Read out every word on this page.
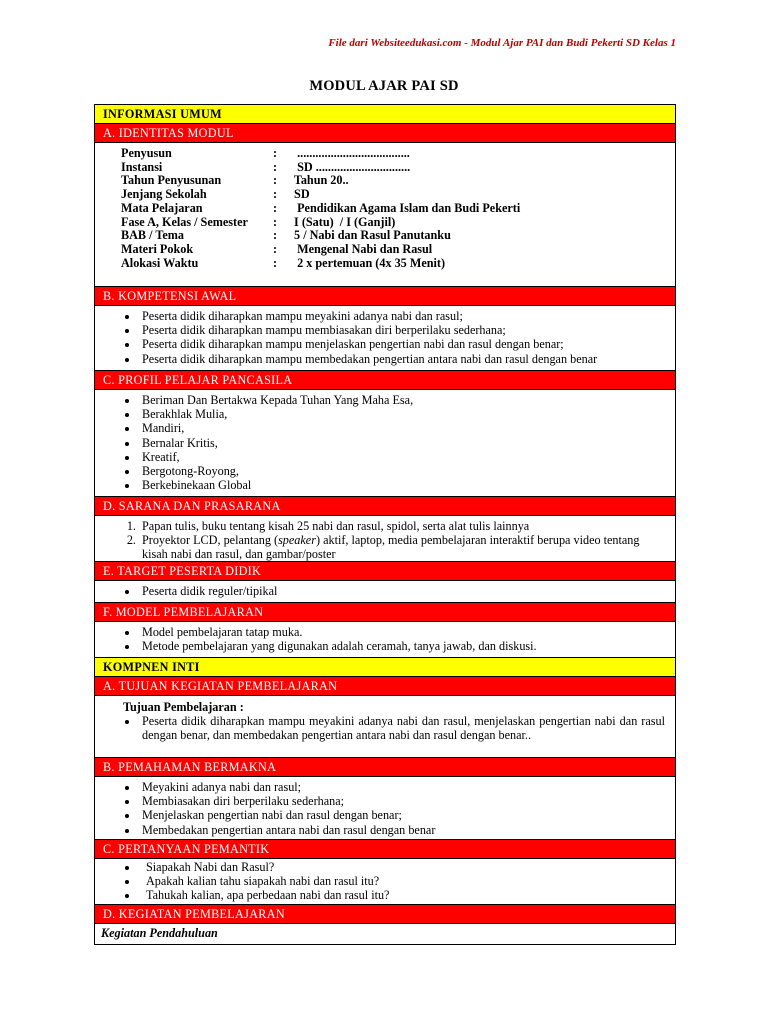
File dari Websiteedukasi.com - Modul Ajar PAI dan Budi Pekerti SD Kelas 1
MODUL AJAR PAI SD
INFORMASI UMUM
A. IDENTITAS MODUL
Penyusun	:	.....................................
Instansi	:	SD ...............................
Tahun Penyusunan	:	Tahun 20..
Jenjang Sekolah	:	SD
Mata Pelajaran	:	Pendidikan Agama Islam dan Budi Pekerti
Fase A, Kelas / Semester	:	I (Satu)  / I (Ganjil)
BAB / Tema	:	5 / Nabi dan Rasul Panutanku
Materi Pokok	:	Mengenal Nabi dan Rasul
Alokasi Waktu	:	2 x pertemuan (4x 35 Menit)
B. KOMPETENSI AWAL
• Peserta didik diharapkan mampu meyakini adanya nabi dan rasul;
• Peserta didik diharapkan mampu membiasakan diri berperilaku sederhana;
• Peserta didik diharapkan mampu menjelaskan pengertian nabi dan rasul dengan benar;
• Peserta didik diharapkan mampu membedakan pengertian antara nabi dan rasul dengan benar
C. PROFIL PELAJAR PANCASILA
• Beriman Dan Bertakwa Kepada Tuhan Yang Maha Esa,
• Berakhlak Mulia,
• Mandiri,
• Bernalar Kritis,
• Kreatif,
• Bergotong-Royong,
• Berkebinekaan Global
D. SARANA DAN PRASARANA
1. Papan tulis, buku tentang kisah 25 nabi dan rasul, spidol, serta alat tulis lainnya
2. Proyektor LCD, pelantang (speaker) aktif, laptop, media pembelajaran interaktif berupa video tentang kisah nabi dan rasul, dan gambar/poster
E. TARGET PESERTA DIDIK
• Peserta didik reguler/tipikal
F. MODEL PEMBELAJARAN
• Model pembelajaran tatap muka.
• Metode pembelajaran yang digunakan adalah ceramah, tanya jawab, dan diskusi.
KOMPNEN INTI
A. TUJUAN KEGIATAN PEMBELAJARAN
Tujuan Pembelajaran :
• Peserta didik diharapkan mampu meyakini adanya nabi dan rasul, menjelaskan pengertian nabi dan rasul dengan benar, dan membedakan pengertian antara nabi dan rasul dengan benar..
B. PEMAHAMAN BERMAKNA
• Meyakini adanya nabi dan rasul;
• Membiasakan diri berperilaku sederhana;
• Menjelaskan pengertian nabi dan rasul dengan benar;
• Membedakan pengertian antara nabi dan rasul dengan benar
C. PERTANYAAN PEMANTIK
• Siapakah Nabi dan Rasul?
• Apakah kalian tahu siapakah nabi dan rasul itu?
• Tahukah kalian, apa perbedaan nabi dan rasul itu?
D. KEGIATAN PEMBELAJARAN
Kegiatan Pendahuluan
